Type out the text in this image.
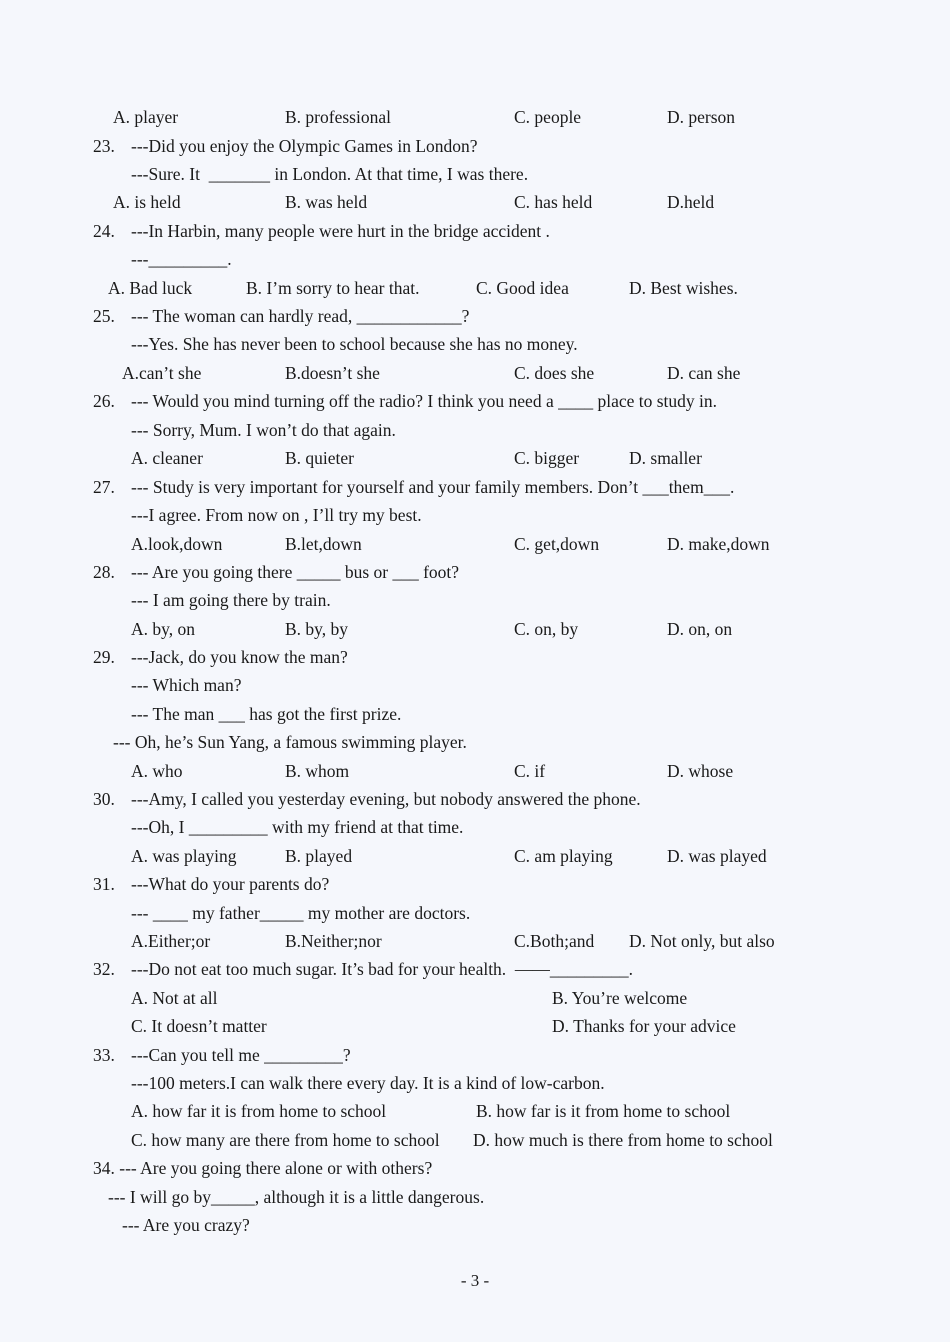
A. player	B. professional	C. people	D. person
23. ---Did you enjoy the Olympic Games in London?
---Sure. It  _______ in London. At that time, I was there.
A. is held	B. was held	C. has held	D.held
24. ---In Harbin, many people were hurt in the bridge accident .
---_________.
A. Bad luck	B. I’m sorry to hear that.	C. Good idea	D. Best wishes.
25. --- The woman can hardly read, ____________?
---Yes. She has never been to school because she has no money.
A.can’t she	B.doesn’t she	C. does she	D. can she
26. --- Would you mind turning off the radio? I think you need a ____ place to study in.
--- Sorry, Mum. I won’t do that again.
A. cleaner	B. quieter	C. bigger	D. smaller
27. --- Study is very important for yourself and your family members. Don’t ___them___.
---I agree. From now on , I’ll try my best.
A.look,down	B.let,down	C. get,down	D. make,down
28. --- Are you going there _____ bus or ___ foot?
--- I am going there by train.
A. by, on	B. by, by	C. on, by	D. on, on
29. ---Jack, do you know the man?
--- Which man?
--- The man ___ has got the first prize.
--- Oh, he’s Sun Yang, a famous swimming player.
A. who	B. whom	C. if	D. whose
30. ---Amy, I called you yesterday evening, but nobody answered the phone.
---Oh, I _________ with my friend at that time.
A. was playing	B. played	C. am playing	D. was played
31. ---What do your parents do?
--- ____ my father_____ my mother are doctors.
A.Either;or	B.Neither;nor	C.Both;and D. Not only, but also
32. ---Do not eat too much sugar. It’s bad for your health.  ——_________.
A. Not at all	B. You’re welcome
C. It doesn’t matter	D. Thanks for your advice
33. ---Can you tell me _________?
---100 meters.I can walk there every day. It is a kind of low-carbon.
A. how far it is from home to school	B. how far is it from home to school
C. how many are there from home to school D. how much is there from home to school
34. --- Are you going there alone or with others?
--- I will go by_____, although it is a little dangerous.
--- Are you crazy?
- 3 -
